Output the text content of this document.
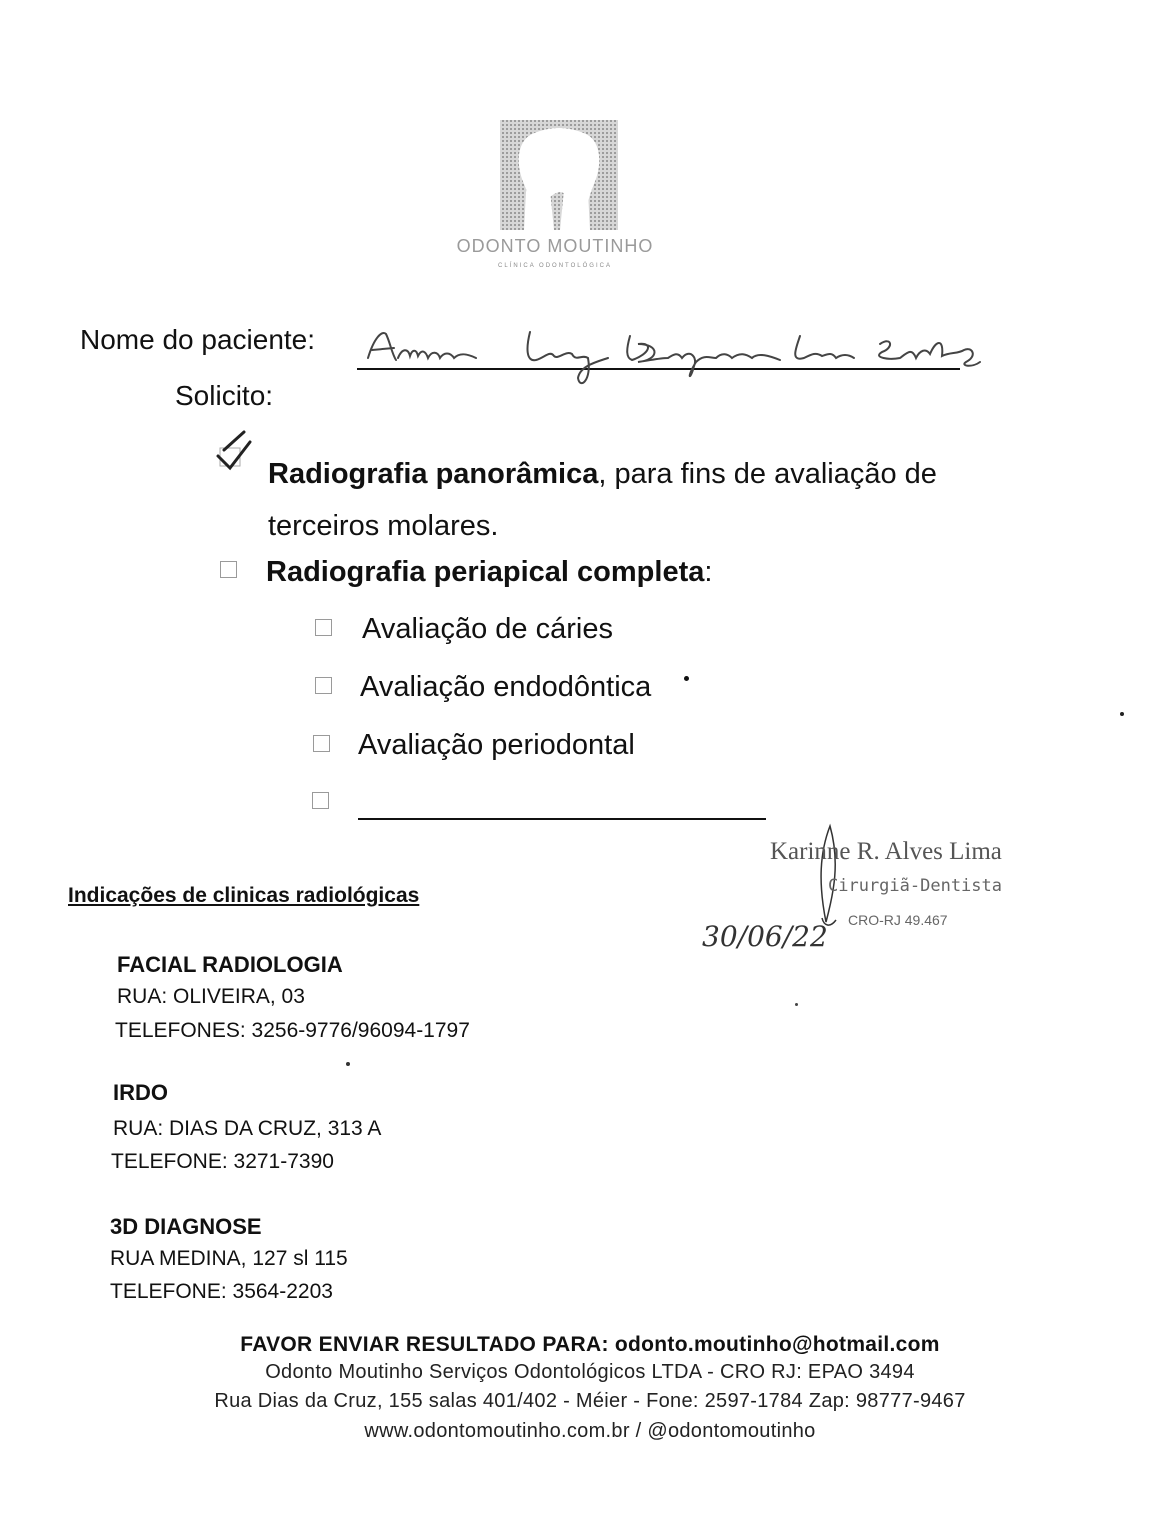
ODONTO MOUTINHO
CLÍNICA ODONTOLÓGICA
Nome do paciente:
Solicito:
Radiografia panorâmica, para fins de avaliação de terceiros molares.
Radiografia periapical completa:
Avaliação de cáries
Avaliação endodôntica
Avaliação periodontal
Karinne R. Alves Lima
Cirurgiã-Dentista
CRO-RJ 49.467
30/06/22
Indicações de clinicas radiológicas
FACIAL RADIOLOGIA
RUA: OLIVEIRA, 03
TELEFONES: 3256-9776/96094-1797
IRDO
RUA: DIAS DA CRUZ, 313 A
TELEFONE: 3271-7390
3D DIAGNOSE
RUA MEDINA, 127 sl 115
TELEFONE: 3564-2203
FAVOR ENVIAR RESULTADO PARA: odonto.moutinho@hotmail.com
Odonto Moutinho Serviços Odontológicos LTDA - CRO RJ: EPAO 3494
Rua Dias da Cruz, 155 salas 401/402 - Méier - Fone: 2597-1784 Zap: 98777-9467
www.odontomoutinho.com.br / @odontomoutinho
